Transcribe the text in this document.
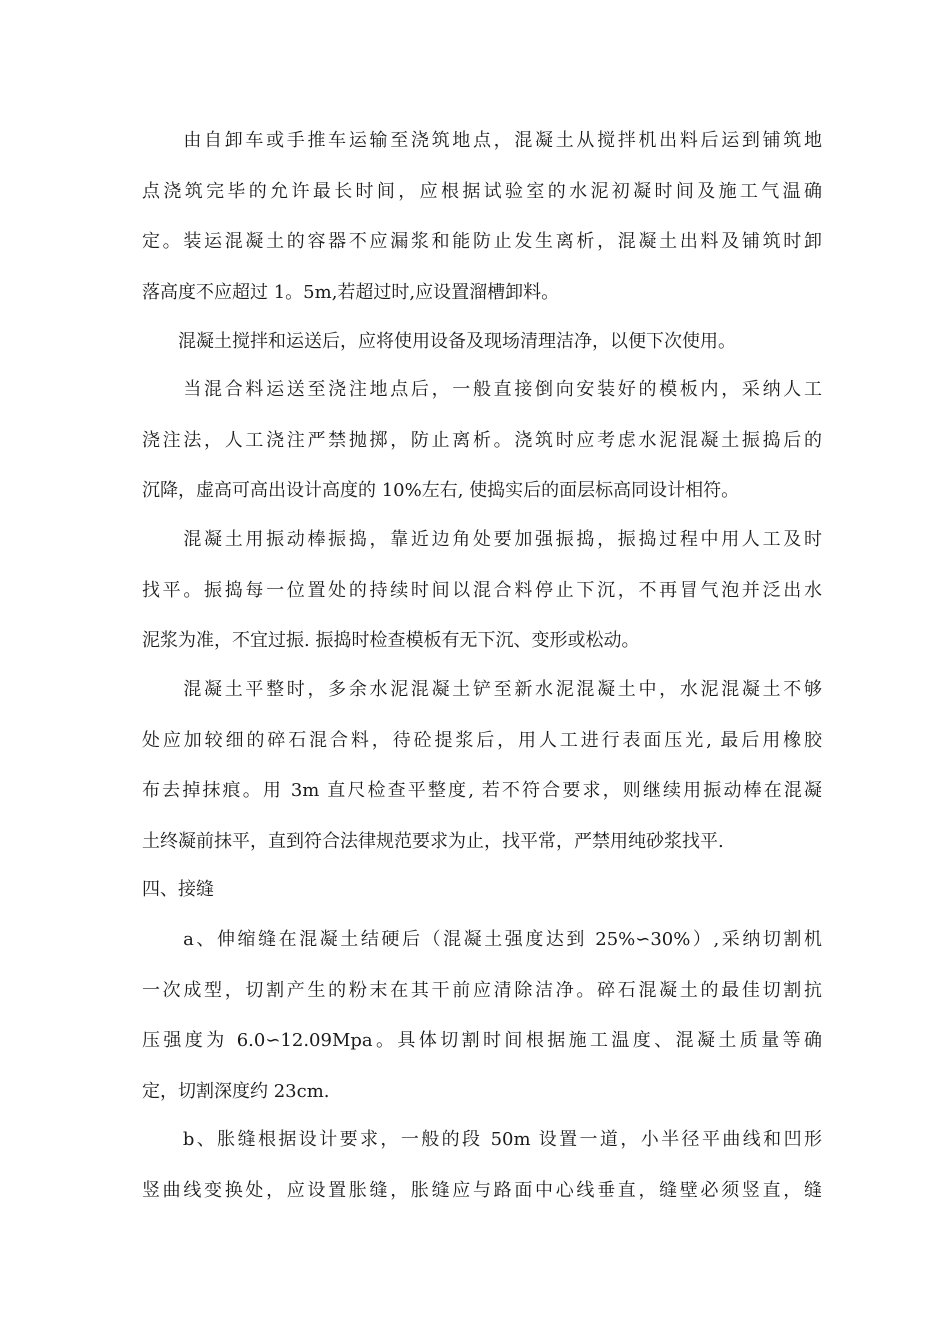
　　由自卸车或手推车运输至浇筑地点，混凝土从搅拌机出料后运到铺筑地
点浇筑完毕的允许最长时间，应根据试验室的水泥初凝时间及施工气温确
定。装运混凝土的容器不应漏浆和能防止发生离析，混凝土出料及铺筑时卸
落高度不应超过 1。5m,若超过时,应设置溜槽卸料。
　　混凝土搅拌和运送后，应将使用设备及现场清理洁净，以便下次使用。
　　当混合料运送至浇注地点后，一般直接倒向安装好的模板内，采纳人工
浇注法，人工浇注严禁抛掷，防止离析。浇筑时应考虑水泥混凝土振捣后的
沉降，虚高可高出设计高度的 10%左右, 使捣实后的面层标高同设计相符。
　　混凝土用振动棒振捣，靠近边角处要加强振捣，振捣过程中用人工及时
找平。振捣每一位置处的持续时间以混合料停止下沉，不再冒气泡并泛出水
泥浆为准，不宜过振. 振捣时检查模板有无下沉、变形或松动。
　　混凝土平整时，多余水泥混凝土铲至新水泥混凝土中，水泥混凝土不够
处应加较细的碎石混合料，待砼提浆后，用人工进行表面压光, 最后用橡胶
布去掉抹痕。用 3m 直尺检查平整度, 若不符合要求，则继续用振动棒在混凝
土终凝前抹平，直到符合法律规范要求为止，找平常，严禁用纯砂浆找平.
四、接缝
　　a、伸缩缝在混凝土结硬后（混凝土强度达到 25%∽30%）,采纳切割机
一次成型，切割产生的粉末在其干前应清除洁净。碎石混凝土的最佳切割抗
压强度为 6.0∽12.09Mpa。具体切割时间根据施工温度、混凝土质量等确
定，切割深度约 23cm.
　　b、胀缝根据设计要求，一般的段 50m 设置一道，小半径平曲线和凹形
竖曲线变换处，应设置胀缝，胀缝应与路面中心线垂直，缝壁必须竖直，缝
